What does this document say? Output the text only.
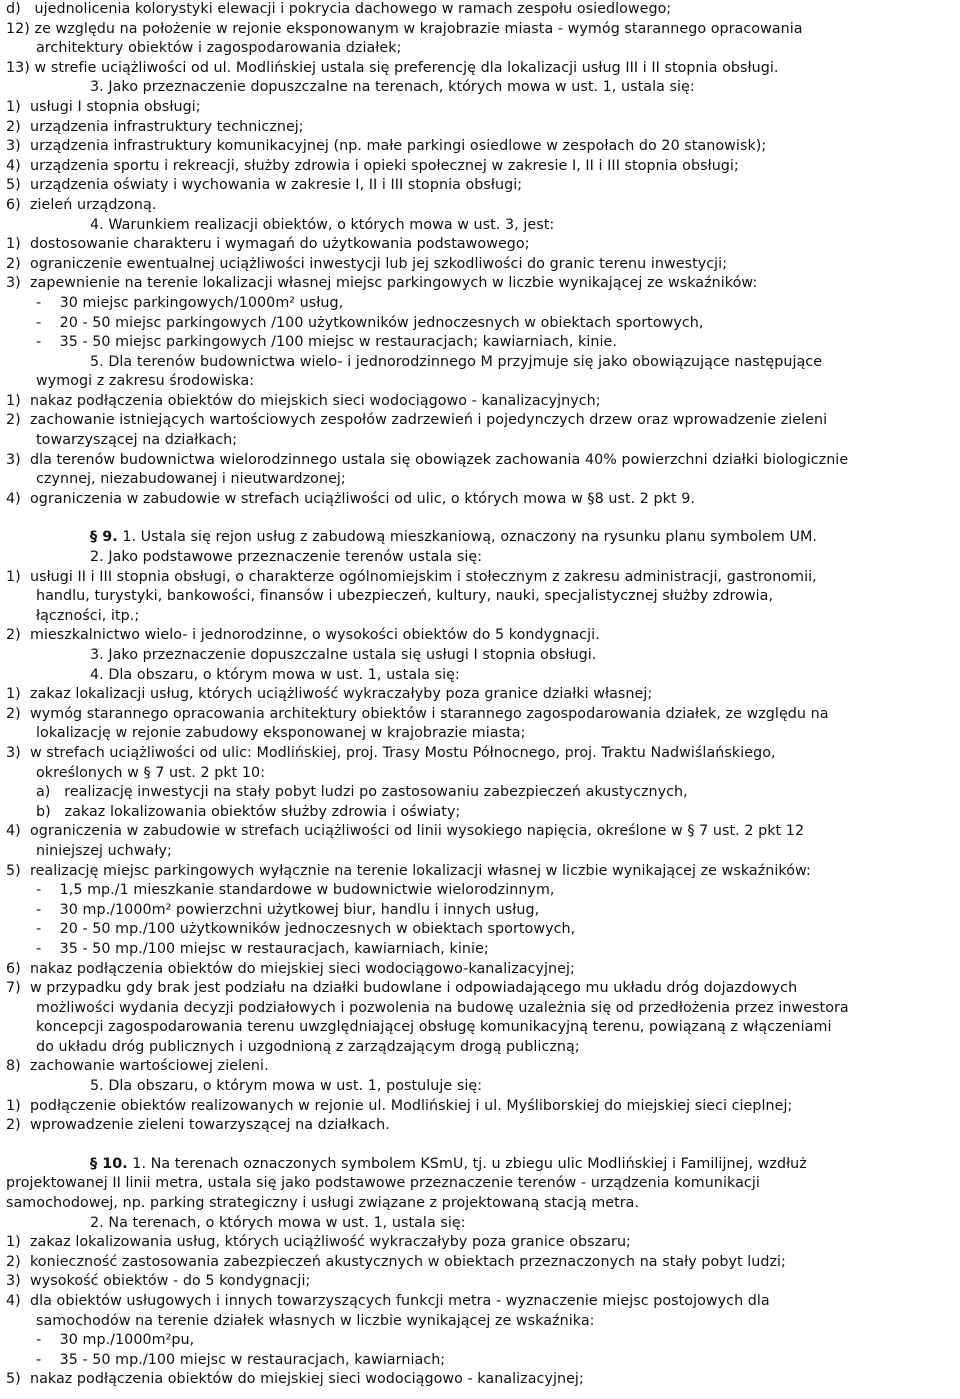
d)   ujednolicenia kolorystyki elewacji i pokrycia dachowego w ramach zespołu osiedlowego;
12) ze względu na położenie w rejonie eksponowanym w krajobrazie miasta - wymóg starannego opracowania
architektury obiektów i zagospodarowania działek;
13) w strefie uciążliwości od ul. Modlińskiej ustala się preferencję dla lokalizacji usług III i II stopnia obsługi.
3. Jako przeznaczenie dopuszczalne na terenach, których mowa w ust. 1, ustala się:
1)  usługi I stopnia obsługi;
2)  urządzenia infrastruktury technicznej;
3)  urządzenia infrastruktury komunikacyjnej (np. małe parkingi osiedlowe w zespołach do 20 stanowisk);
4)  urządzenia sportu i rekreacji, służby zdrowia i opieki społecznej w zakresie I, II i III stopnia obsługi;
5)  urządzenia oświaty i wychowania w zakresie I, II i III stopnia obsługi;
6)  zieleń urządzoną.
4. Warunkiem realizacji obiektów, o których mowa w ust. 3, jest:
1)  dostosowanie charakteru i wymagań do użytkowania podstawowego;
2)  ograniczenie ewentualnej uciążliwości inwestycji lub jej szkodliwości do granic terenu inwestycji;
3)  zapewnienie na terenie lokalizacji własnej miejsc parkingowych w liczbie wynikającej ze wskaźników:
-    30 miejsc parkingowych/1000m² usług,
-    20 - 50 miejsc parkingowych /100 użytkowników jednoczesnych w obiektach sportowych,
-    35 - 50 miejsc parkingowych /100 miejsc w restauracjach; kawiarniach, kinie.
5. Dla terenów budownictwa wielo- i jednorodzinnego M przyjmuje się jako obowiązujące następujące
wymogi z zakresu środowiska:
1)  nakaz podłączenia obiektów do miejskich sieci wodociągowo - kanalizacyjnych;
2)  zachowanie istniejących wartościowych zespołów zadrzewień i pojedynczych drzew oraz wprowadzenie zieleni
towarzyszącej na działkach;
3)  dla terenów budownictwa wielorodzinnego ustala się obowiązek zachowania 40% powierzchni działki biologicznie
czynnej, niezabudowanej i nieutwardzonej;
4)  ograniczenia w zabudowie w strefach uciążliwości od ulic, o których mowa w §8 ust. 2 pkt 9.
§ 9. 1. Ustala się rejon usług z zabudową mieszkaniową, oznaczony na rysunku planu symbolem UM.
2. Jako podstawowe przeznaczenie terenów ustala się:
1)  usługi II i III stopnia obsługi, o charakterze ogólnomiejskim i stołecznym z zakresu administracji, gastronomii,
handlu, turystyki, bankowości, finansów i ubezpieczeń, kultury, nauki, specjalistycznej służby zdrowia,
łączności, itp.;
2)  mieszkalnictwo wielo- i jednorodzinne, o wysokości obiektów do 5 kondygnacji.
3. Jako przeznaczenie dopuszczalne ustala się usługi I stopnia obsługi.
4. Dla obszaru, o którym mowa w ust. 1, ustala się:
1)  zakaz lokalizacji usług, których uciążliwość wykraczałyby poza granice działki własnej;
2)  wymóg starannego opracowania architektury obiektów i starannego zagospodarowania działek, ze względu na
lokalizację w rejonie zabudowy eksponowanej w krajobrazie miasta;
3)  w strefach uciążliwości od ulic: Modlińskiej, proj. Trasy Mostu Północnego, proj. Traktu Nadwiślańskiego,
określonych w § 7 ust. 2 pkt 10:
a)   realizację inwestycji na stały pobyt ludzi po zastosowaniu zabezpieczeń akustycznych,
b)   zakaz lokalizowania obiektów służby zdrowia i oświaty;
4)  ograniczenia w zabudowie w strefach uciążliwości od linii wysokiego napięcia, określone w § 7 ust. 2 pkt 12
niniejszej uchwały;
5)  realizację miejsc parkingowych wyłącznie na terenie lokalizacji własnej w liczbie wynikającej ze wskaźników:
-    1,5 mp./1 mieszkanie standardowe w budownictwie wielorodzinnym,
-    30 mp./1000m² powierzchni użytkowej biur, handlu i innych usług,
-    20 - 50 mp./100 użytkowników jednoczesnych w obiektach sportowych,
-    35 - 50 mp./100 miejsc w restauracjach, kawiarniach, kinie;
6)  nakaz podłączenia obiektów do miejskiej sieci wodociągowo-kanalizacyjnej;
7)  w przypadku gdy brak jest podziału na działki budowlane i odpowiadającego mu układu dróg dojazdowych
możliwości wydania decyzji podziałowych i pozwolenia na budowę uzależnia się od przedłożenia przez inwestora
koncepcji zagospodarowania terenu uwzględniającej obsługę komunikacyjną terenu, powiązaną z włączeniami
do układu dróg publicznych i uzgodnioną z zarządzającym drogą publiczną;
8)  zachowanie wartościowej zieleni.
5. Dla obszaru, o którym mowa w ust. 1, postuluje się:
1)  podłączenie obiektów realizowanych w rejonie ul. Modlińskiej i ul. Myśliborskiej do miejskiej sieci cieplnej;
2)  wprowadzenie zieleni towarzyszącej na działkach.
§ 10. 1. Na terenach oznaczonych symbolem KSmU, tj. u zbiegu ulic Modlińskiej i Familijnej, wzdłuż
projektowanej II linii metra, ustala się jako podstawowe przeznaczenie terenów - urządzenia komunikacji
samochodowej, np. parking strategiczny i usługi związane z projektowaną stacją metra.
2. Na terenach, o których mowa w ust. 1, ustala się:
1)  zakaz lokalizowania usług, których uciążliwość wykraczałyby poza granice obszaru;
2)  konieczność zastosowania zabezpieczeń akustycznych w obiektach przeznaczonych na stały pobyt ludzi;
3)  wysokość obiektów - do 5 kondygnacji;
4)  dla obiektów usługowych i innych towarzyszących funkcji metra - wyznaczenie miejsc postojowych dla
samochodów na terenie działek własnych w liczbie wynikającej ze wskaźnika:
-    30 mp./1000m²pu,
-    35 - 50 mp./100 miejsc w restauracjach, kawiarniach;
5)  nakaz podłączenia obiektów do miejskiej sieci wodociągowo - kanalizacyjnej;
